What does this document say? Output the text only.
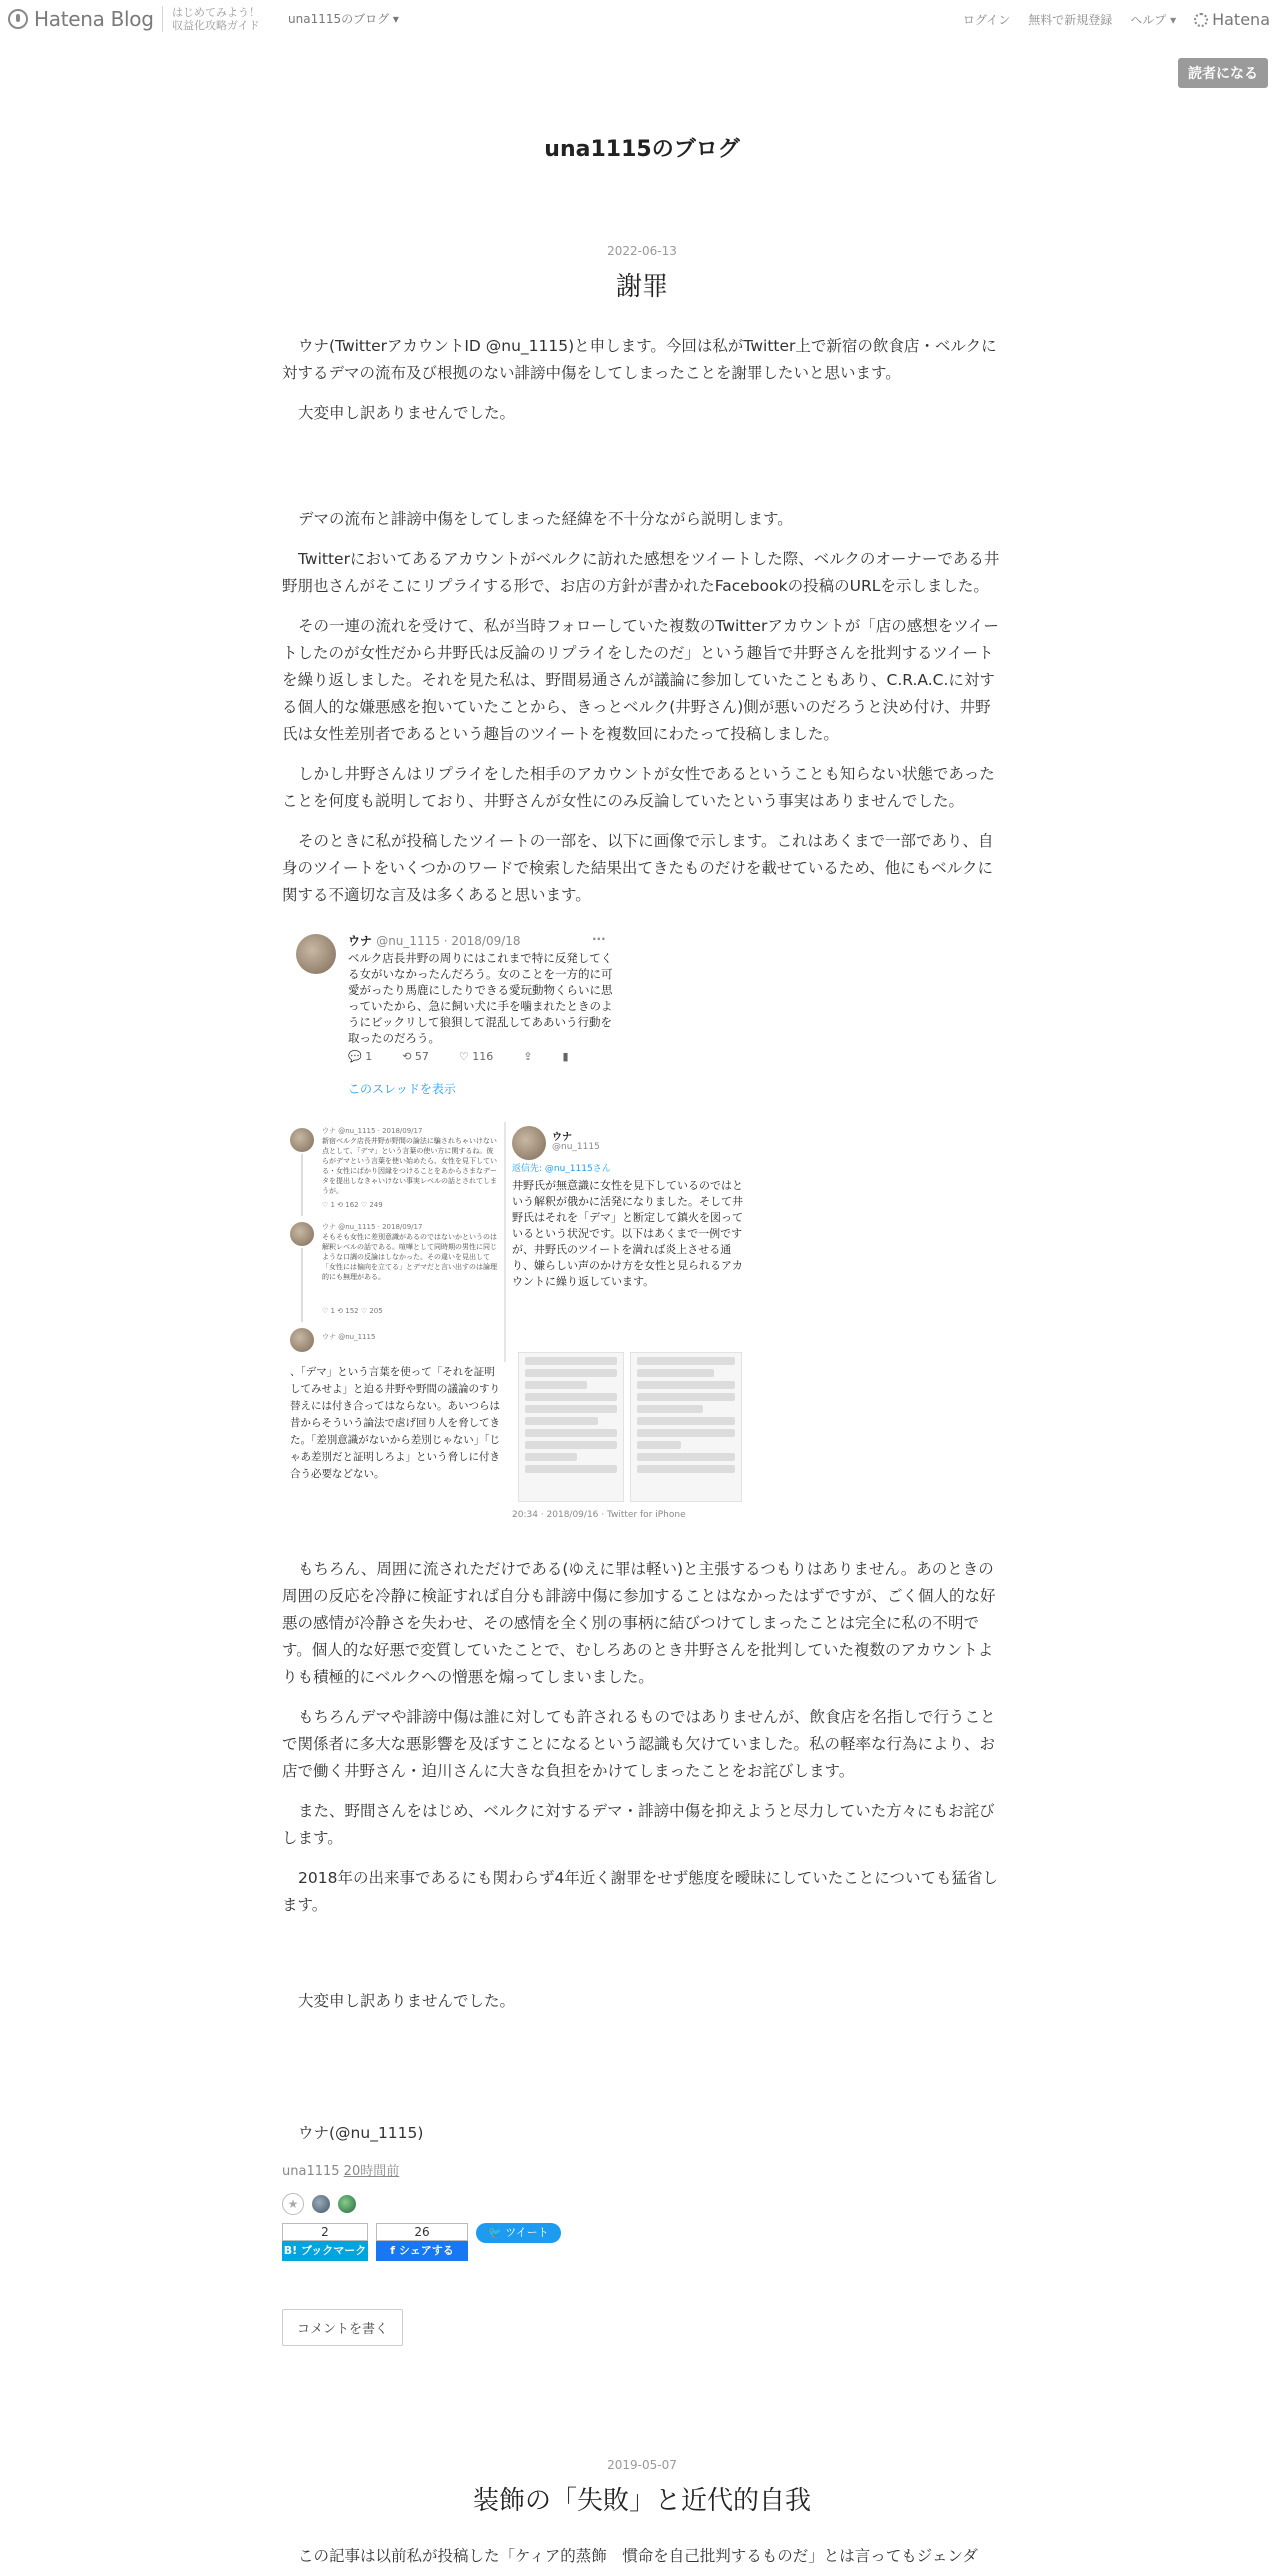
Hatena Blog はじめてみよう！
収益化攻略ガイド una1115のブログ ▾	ログイン 無料で新規登録 ヘルプ ▾ Hatena
読者になる
una1115のブログ
2022-06-13
謝罪

ウナ(TwitterアカウントID @nu_1115)と申します。今回は私がTwitter上で新宿の飲食店・ベルクに対するデマの流布及び根拠のない誹謗中傷をしてしまったことを謝罪したいと思います。

大変申し訳ありませんでした。

デマの流布と誹謗中傷をしてしまった経緯を不十分ながら説明します。

Twitterにおいてあるアカウントがベルクに訪れた感想をツイートした際、ベルクのオーナーである井野朋也さんがそこにリプライする形で、お店の方針が書かれたFacebookの投稿のURLを示しました。

その一連の流れを受けて、私が当時フォローしていた複数のTwitterアカウントが「店の感想をツイートしたのが女性だから井野氏は反論のリプライをしたのだ」という趣旨で井野さんを批判するツイートを繰り返しました。それを見た私は、野間易通さんが議論に参加していたこともあり、C.R.A.C.に対する個人的な嫌悪感を抱いていたことから、きっとベルク(井野さん)側が悪いのだろうと決め付け、井野氏は女性差別者であるという趣旨のツイートを複数回にわたって投稿しました。

しかし井野さんはリプライをした相手のアカウントが女性であるということも知らない状態であったことを何度も説明しており、井野さんが女性にのみ反論していたという事実はありませんでした。

そのときに私が投稿したツイートの一部を、以下に画像で示します。これはあくまで一部であり、自身のツイートをいくつかのワードで検索した結果出てきたものだけを載せているため、他にもベルクに関する不適切な言及は多くあると思います。

ウナ @nu_1115 · 2018/09/18	···
ベルク店長井野の周りにはこれまで特に反発してくる女がいなかったんだろう。女のことを一方的に可愛がったり馬鹿にしたりできる愛玩動物くらいに思っていたから、急に飼い犬に手を噛まれたときのようにビックリして狼狽して混乱してああいう行動を取ったのだろう。
💬 1	⟲ 57	♡ 116	⇪	▮
このスレッドを表示
ウナ @nu_1115 · 2018/09/17
新宿ベルク店長井野が野間の論法に騙されちゃいけない点として、「デマ」という言葉の使い方に関するね。彼らがデマという言葉を使い始めたら、女性を見下している・女性にばかり因縁をつけることをあからさまなデータを提出しなきゃいけない事実レベルの話とされてしまうが。
♡ 1 ⟲ 162 ♡ 249
ウナ @nu_1115 · 2018/09/17
そもそも女性に差別意識があるのではないかというのは解釈レベルの話である。喧嘩として同時期の男性に同じような口調の反論はしなかった。その違いを見出して「女性には偏向を立てる」とデマだと言い出すのは論理的にも無理がある。
♡ 1 ⟲ 152 ♡ 205
ウナ @nu_1115
、「デマ」という言葉を使って「それを証明してみせよ」と迫る井野や野間の議論のすり替えには付き合ってはならない。あいつらは昔からそういう論法で虐げ回り人を脅してきた。「差別意識がないから差別じゃない」「じゃあ差別だと証明しろよ」という脅しに付き合う必要などない。
ウナ
@nu_1115
返信先: @nu_1115さん
井野氏が無意識に女性を見下しているのではという解釈が俄かに活発になりました。そして井野氏はそれを「デマ」と断定して鎮火を図っているという状況です。以下はあくまで一例ですが、井野氏のツイートを満れば炎上させる通り、嫌らしい声のかけ方を女性と見られるアカウントに繰り返しています。
20:34 · 2018/09/16 · Twitter for iPhone

もちろん、周囲に流されただけである(ゆえに罪は軽い)と主張するつもりはありません。あのときの周囲の反応を冷静に検証すれば自分も誹謗中傷に参加することはなかったはずですが、ごく個人的な好悪の感情が冷静さを失わせ、その感情を全く別の事柄に結びつけてしまったことは完全に私の不明です。個人的な好悪で変質していたことで、むしろあのとき井野さんを批判していた複数のアカウントよりも積極的にベルクへの憎悪を煽ってしまいました。

もちろんデマや誹謗中傷は誰に対しても許されるものではありませんが、飲食店を名指しで行うことで関係者に多大な悪影響を及ぼすことになるという認識も欠けていました。私の軽率な行為により、お店で働く井野さん・迫川さんに大きな負担をかけてしまったことをお詫びします。

また、野間さんをはじめ、ベルクに対するデマ・誹謗中傷を抑えようと尽力していた方々にもお詫びします。

2018年の出来事であるにも関わらず4年近く謝罪をせず態度を曖昧にしていたことについても猛省します。

大変申し訳ありませんでした。

ウナ(@nu_1115)

una1115 20時間前
★
2
B! ブックマーク
26
f シェアする
🐦 ツイート
コメントを書く
2019-05-07
装飾の「失敗」と近代的自我

この記事は以前私が投稿した「ケィア的蒸飾　慣命を自己批判するものだ」とは言ってもジェンダ
